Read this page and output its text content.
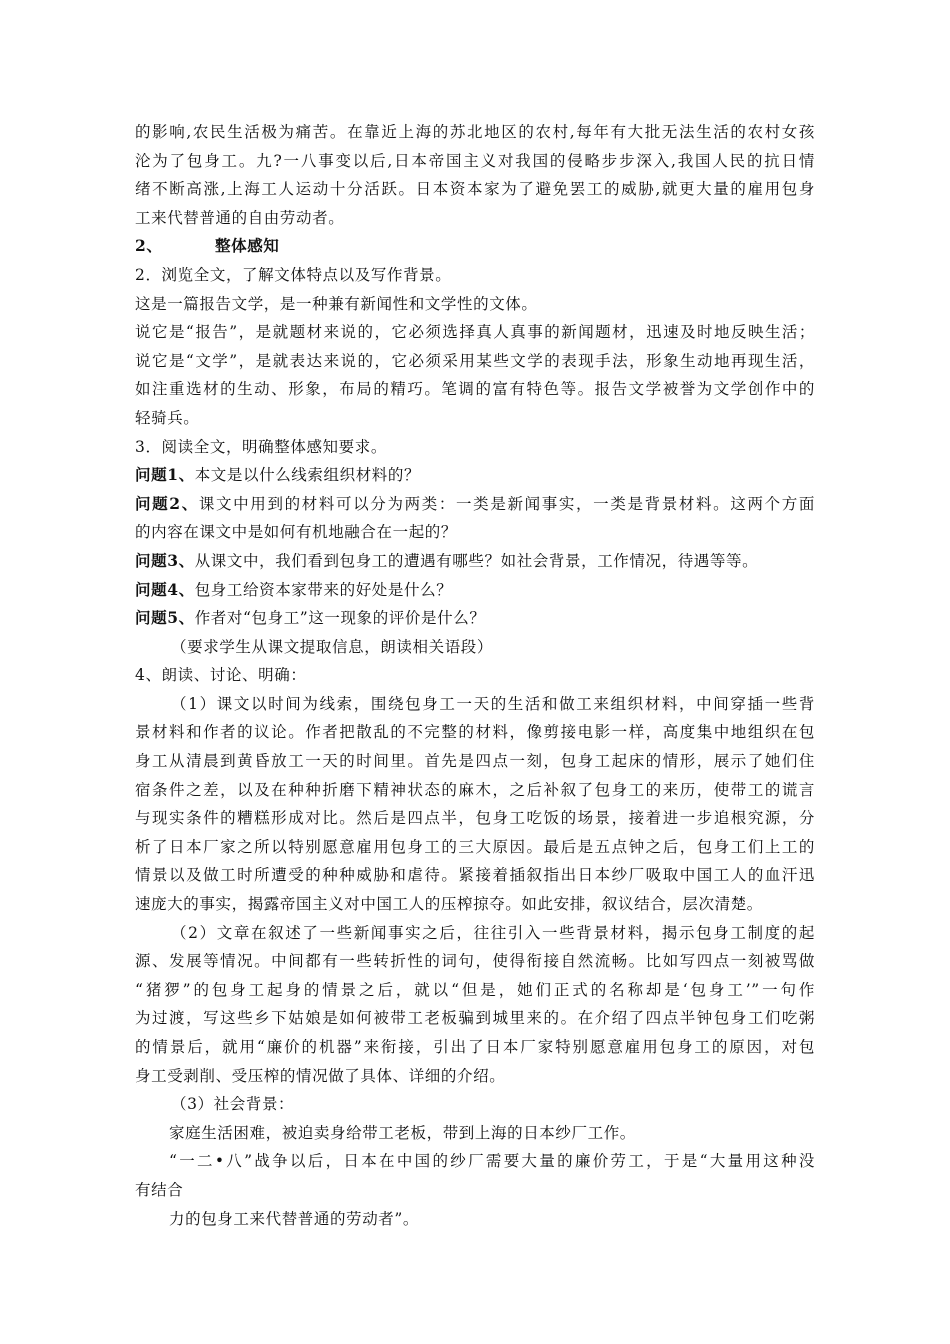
的影响,农民生活极为痛苦。在靠近上海的苏北地区的农村,每年有大批无法生活的农村女孩
沦为了包身工。九?一八事变以后,日本帝国主义对我国的侵略步步深入,我国人民的抗日情
绪不断高涨,上海工人运动十分活跃。日本资本家为了避免罢工的威胁,就更大量的雇用包身
工来代替普通的自由劳动者。
2、	整体感知
2．浏览全文，了解文体特点以及写作背景。
这是一篇报告文学，是一种兼有新闻性和文学性的文体。
说它是“报告”，是就题材来说的，它必须选择真人真事的新闻题材，迅速及时地反映生活；
说它是“文学”，是就表达来说的，它必须采用某些文学的表现手法，形象生动地再现生活，
如注重选材的生动、形象，布局的精巧。笔调的富有特色等。报告文学被誉为文学创作中的
轻骑兵。
3．阅读全文，明确整体感知要求。
问题1、本文是以什么线索组织材料的？
问题2、课文中用到的材料可以分为两类：一类是新闻事实，一类是背景材料。这两个方面
的内容在课文中是如何有机地融合在一起的？
问题3、从课文中，我们看到包身工的遭遇有哪些？如社会背景，工作情况，待遇等等。
问题4、包身工给资本家带来的好处是什么？
问题5、作者对“包身工”这一现象的评价是什么？
（要求学生从课文提取信息，朗读相关语段）
4、朗读、讨论、明确：
（1）课文以时间为线索，围绕包身工一天的生活和做工来组织材料，中间穿插一些背
景材料和作者的议论。作者把散乱的不完整的材料，像剪接电影一样，高度集中地组织在包
身工从清晨到黄昏放工一天的时间里。首先是四点一刻，包身工起床的情形，展示了她们住
宿条件之差，以及在种种折磨下精神状态的麻木，之后补叙了包身工的来历，使带工的谎言
与现实条件的糟糕形成对比。然后是四点半，包身工吃饭的场景，接着进一步追根究源，分
析了日本厂家之所以特别愿意雇用包身工的三大原因。最后是五点钟之后，包身工们上工的
情景以及做工时所遭受的种种威胁和虐待。紧接着插叙指出日本纱厂吸取中国工人的血汗迅
速庞大的事实，揭露帝国主义对中国工人的压榨掠夺。如此安排，叙议结合，层次清楚。
（2）文章在叙述了一些新闻事实之后，往往引入一些背景材料，揭示包身工制度的起
源、发展等情况。中间都有一些转折性的词句，使得衔接自然流畅。比如写四点一刻被骂做
“猪猡”的包身工起身的情景之后，就以“但是，她们正式的名称却是‘包身工’”一句作
为过渡，写这些乡下姑娘是如何被带工老板骗到城里来的。在介绍了四点半钟包身工们吃粥
的情景后，就用“廉价的机器”来衔接，引出了日本厂家特别愿意雇用包身工的原因，对包
身工受剥削、受压榨的情况做了具体、详细的介绍。
（3）社会背景：
家庭生活困难，被迫卖身给带工老板，带到上海的日本纱厂工作。
“一二•八”战争以后，日本在中国的纱厂需要大量的廉价劳工，于是“大量用这种没
有结合
力的包身工来代替普通的劳动者”。
